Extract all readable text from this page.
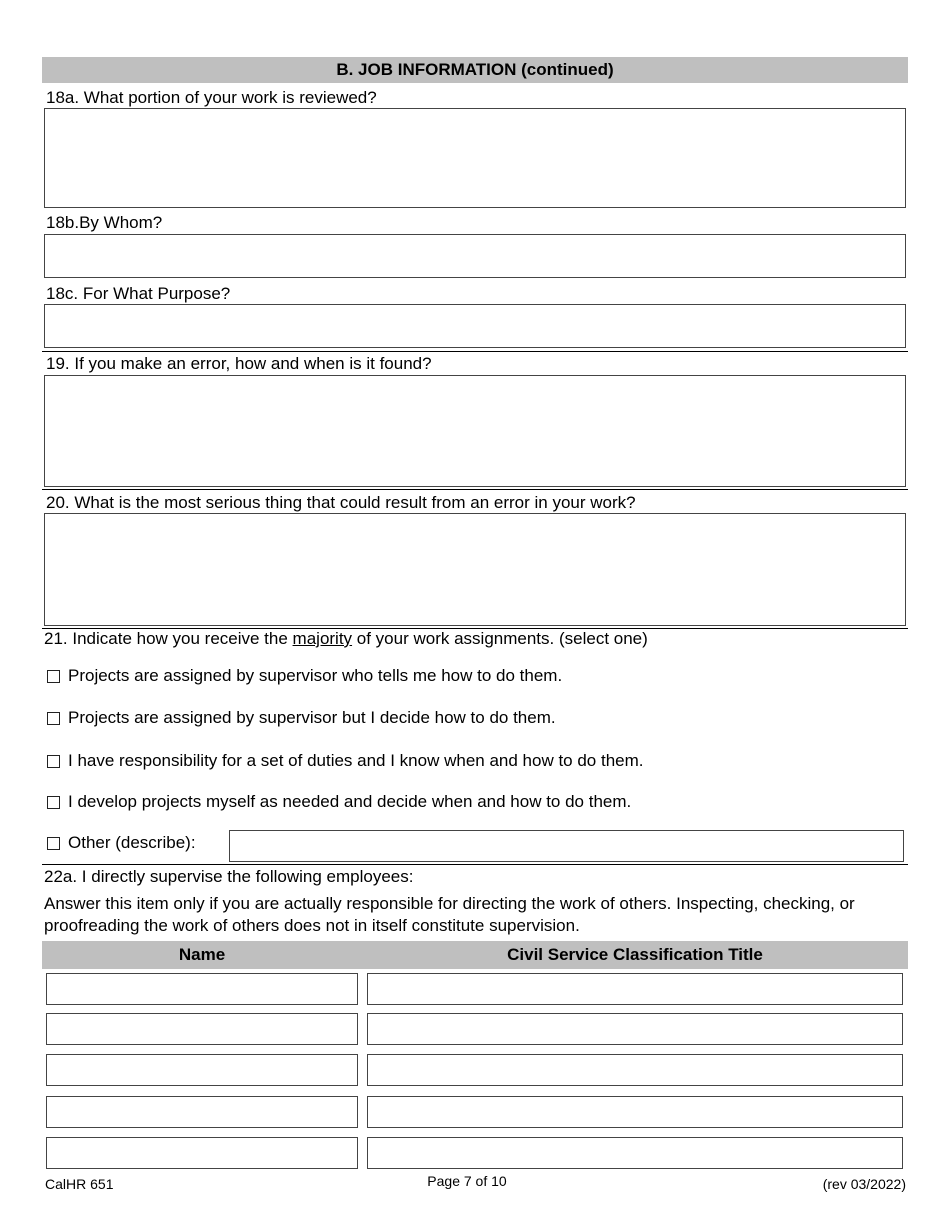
B. JOB INFORMATION (continued)
18a. What portion of your work is reviewed?
18b.By Whom?
18c. For What Purpose?
19. If you make an error, how and when is it found?
20. What is the most serious thing that could result from an error in your work?
21. Indicate how you receive the majority of your work assignments. (select one)
Projects are assigned by supervisor who tells me how to do them.
Projects are assigned by supervisor but I decide how to do them.
I have responsibility for a set of duties and I know when and how to do them.
I develop projects myself as needed and decide when and how to do them.
Other (describe):
22a. I directly supervise the following employees:
Answer this item only if you are actually responsible for directing the work of others. Inspecting, checking, or proofreading the work of others does not in itself constitute supervision.
Name	Civil Service Classification Title
CalHR 651	Page 7 of 10	(rev 03/2022)
